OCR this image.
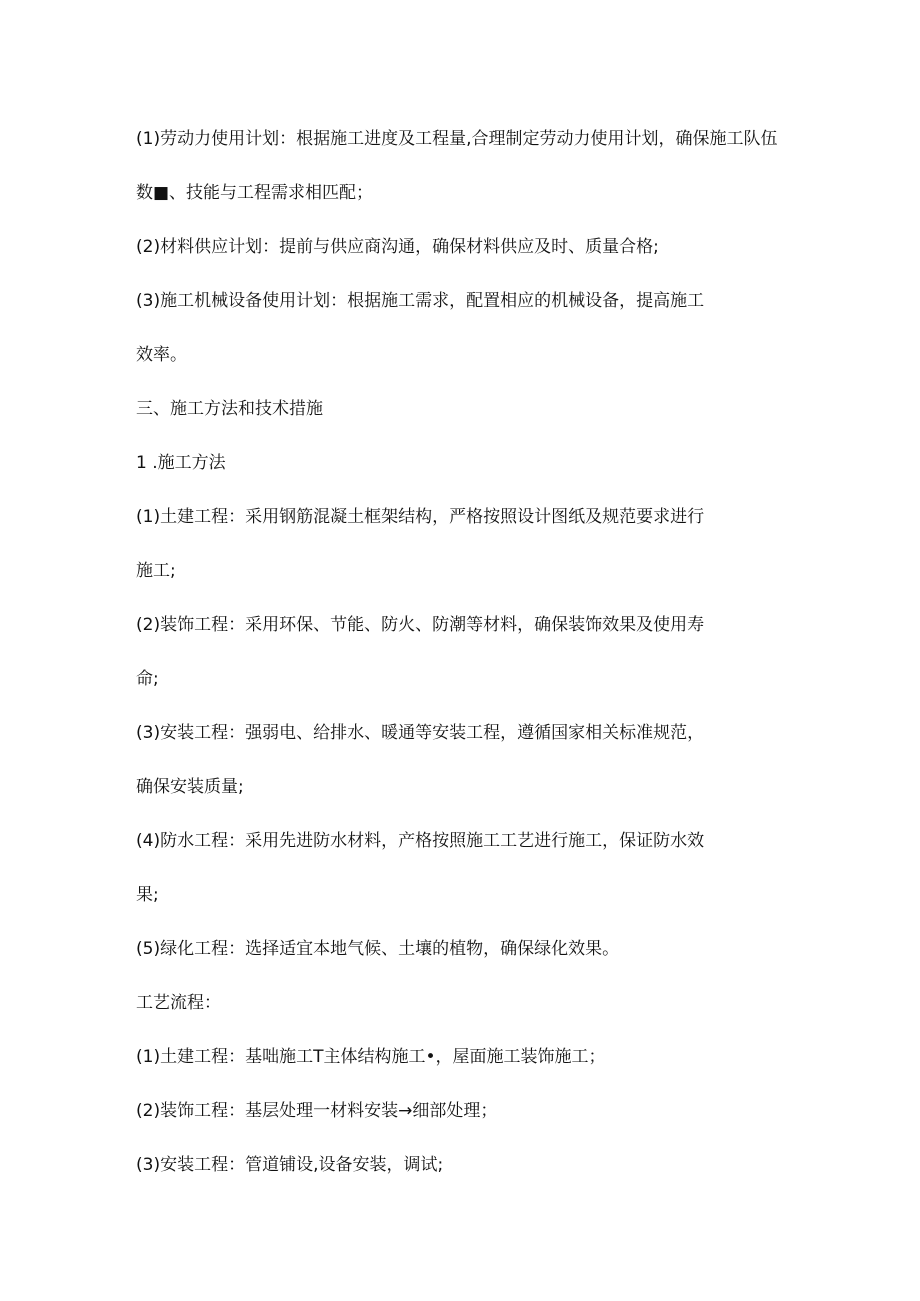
(1)劳动力使用计划：根据施工进度及工程量,合理制定劳动力使用计划，确保施工队伍

数■、技能与工程需求相匹配；

(2)材料供应计划：提前与供应商沟通，确保材料供应及时、质量合格;

(3)施工机械设备使用计划：根据施工需求，配置相应的机械设备，提高施工

效率。

三、施工方法和技术措施

1 .施工方法

(1)土建工程：采用钢筋混凝土框架结构，严格按照设计图纸及规范要求进行

施工;

(2)装饰工程：采用环保、节能、防火、防潮等材料，确保装饰效果及使用寿

命;

(3)安装工程：强弱电、给排水、暖通等安装工程，遵循国家相关标准规范，

确保安装质量;

(4)防水工程：采用先进防水材料，产格按照施工工艺进行施工，保证防水效

果;

(5)绿化工程：选择适宜本地气候、土壤的植物，确保绿化效果。

工艺流程：

(1)土建工程：基咄施工T主体结构施工•，屋面施工装饰施工；

(2)装饰工程：基层处理一材料安装→细部处理；

(3)安装工程：管道铺设,设备安装，调试;
